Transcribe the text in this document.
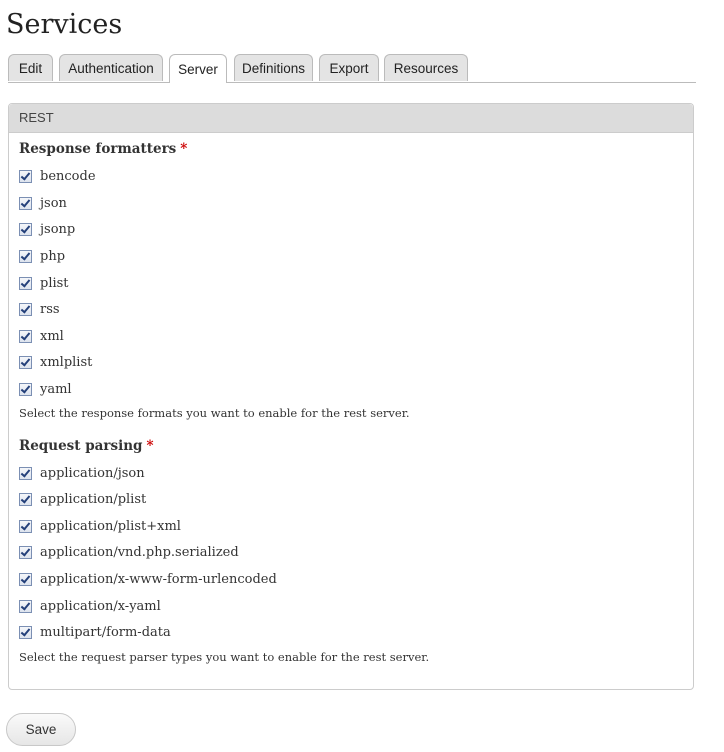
Services
Edit	Authentication	Server	Definitions	Export	Resources
REST
Response formatters *
bencode
json
jsonp
php
plist
rss
xml
xmlplist
yaml
Select the response formats you want to enable for the rest server.
Request parsing *
application/json
application/plist
application/plist+xml
application/vnd.php.serialized
application/x-www-form-urlencoded
application/x-yaml
multipart/form-data
Select the request parser types you want to enable for the rest server.
Save
